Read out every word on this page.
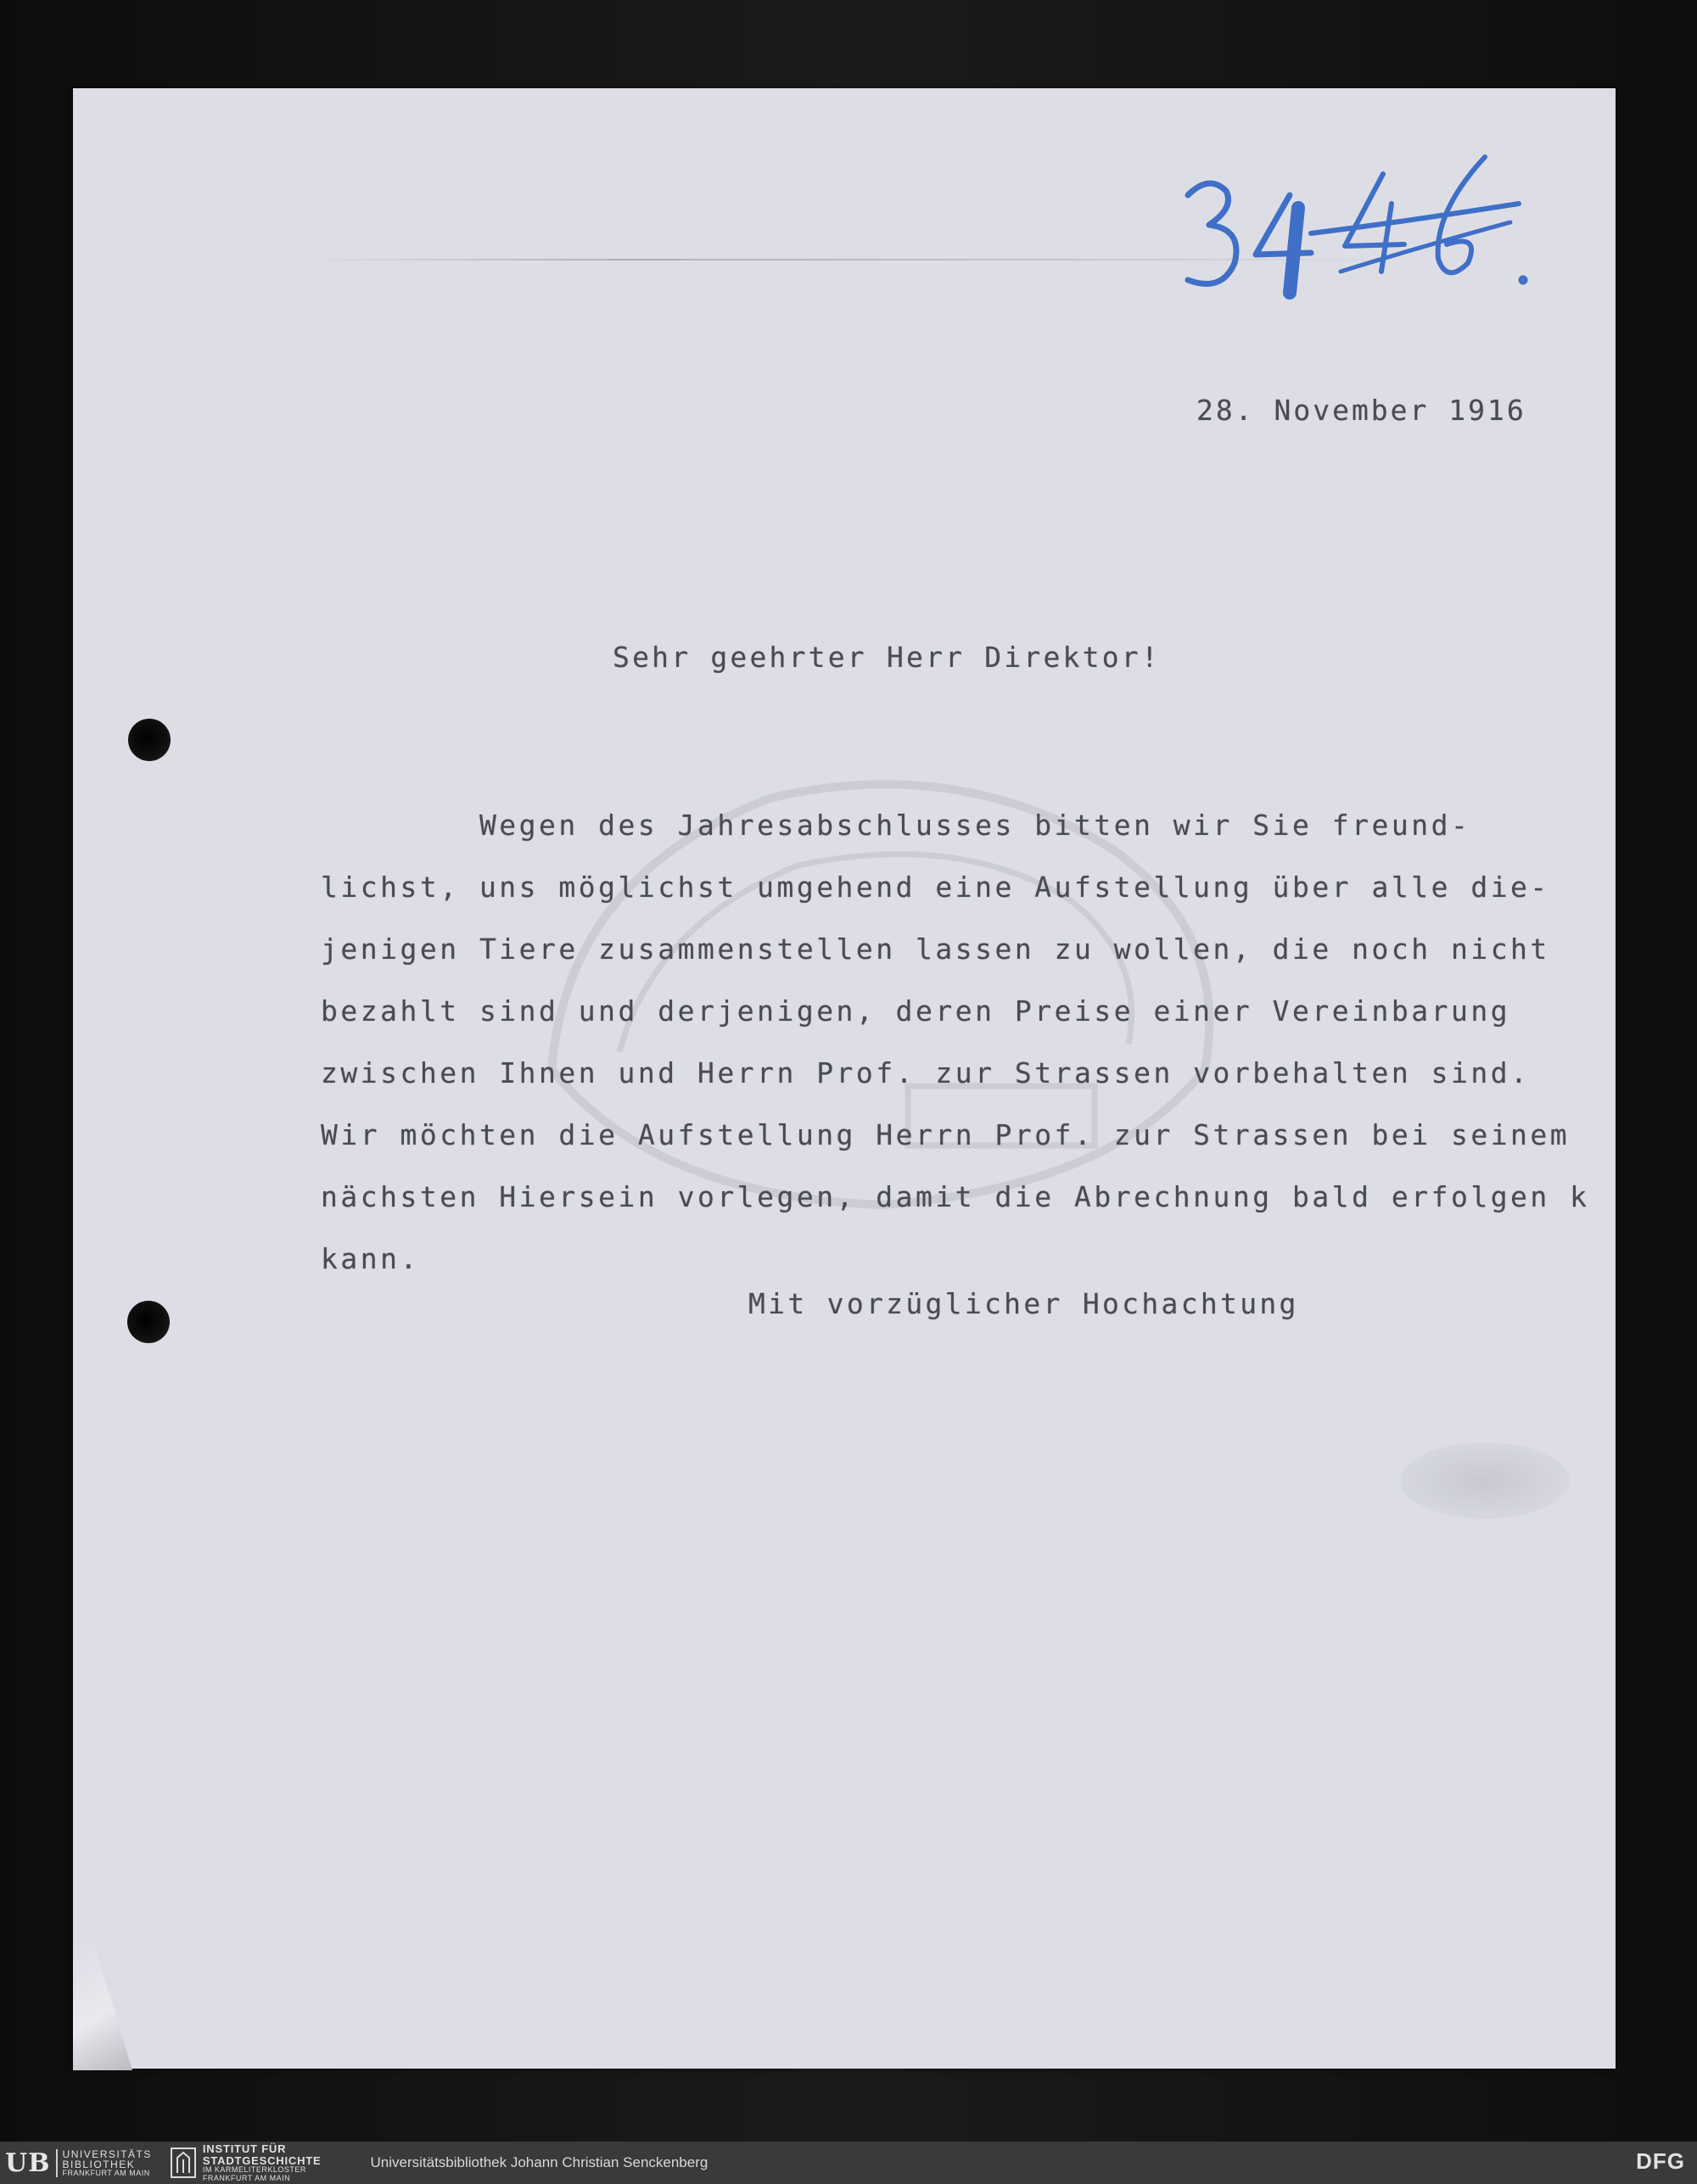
28. November 1916
Sehr geehrter Herr Direktor!
Wegen des Jahresabschlusses bitten wir Sie freund-
lichst, uns möglichst umgehend eine Aufstellung über alle die-
jenigen Tiere zusammenstellen lassen zu wollen, die noch nicht
bezahlt sind und derjenigen, deren Preise einer Vereinbarung
zwischen Ihnen und Herrn Prof. zur Strassen vorbehalten sind.
Wir möchten die Aufstellung Herrn Prof. zur Strassen bei seinem
nächsten Hiersein vorlegen, damit die Abrechnung bald erfolgen k
kann.
Mit vorzüglicher Hochachtung
UB UNIVERSITÄTS
BIBLIOTHEK
FRANKFURT AM MAIN
INSTITUT FÜR
STADTGESCHICHTE
IM KARMELITERKLOSTER
FRANKFURT AM MAIN
Universitätsbibliothek Johann Christian Senckenberg	DFG
